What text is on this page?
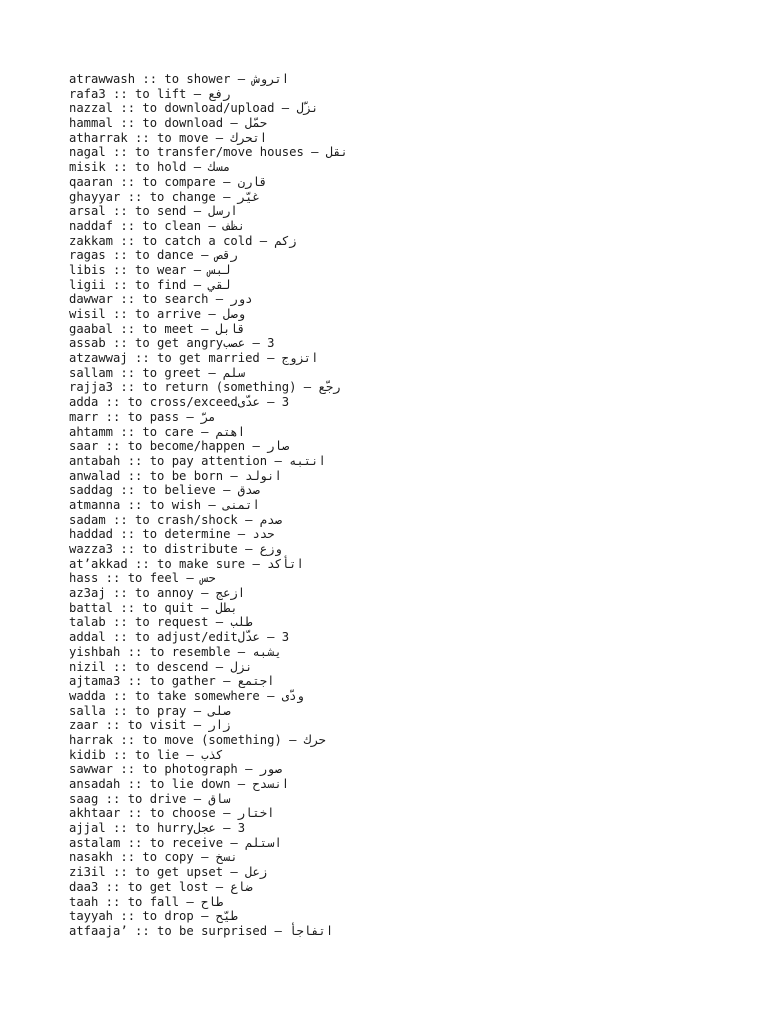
اتروش – atrawwash :: to shower
رفع – rafa3 :: to lift
نزّل – nazzal :: to download/upload
حمّل – hammal :: to download
اتحرك – atharrak :: to move
نقل – nagal :: to transfer/move houses
مسك – misik :: to hold
قارن – qaaran :: to compare
غيّر – ghayyar :: to change
ارسل – arsal :: to send
نظف – naddaf :: to clean
زكم – zakkam :: to catch a cold
رقص – ragas :: to dance
لبس – libis :: to wear
لقي – ligii :: to find
دور – dawwar :: to search
وصل – wisil :: to arrive
قابل – gaabal :: to meet
3 – عصبassab :: to get angry
اتزوج – atzawwaj :: to get married
سلم – sallam :: to greet
رجّع – rajja3 :: to return (something)
3 – عدّىadda :: to cross/exceed
مرّ – marr :: to pass
اهتم – ahtamm :: to care
صار – saar :: to become/happen
انتبه – antabah :: to pay attention
انولد – anwalad :: to be born
صدق – saddag :: to believe
اتمنى – atmanna :: to wish
صدم – sadam :: to crash/shock
حدد – haddad :: to determine
وزع – wazza3 :: to distribute
اتأكد – at’akkad :: to make sure
حس – hass :: to feel
ازعج – az3aj :: to annoy
بطل – battal :: to quit
طلب – talab :: to request
3 – عدّلaddal :: to adjust/edit
يشبه – yishbah :: to resemble
نزل – nizil :: to descend
اجتمع – ajtama3 :: to gather
ودّى – wadda :: to take somewhere
صلى – salla :: to pray
زار – zaar :: to visit
حرك – harrak :: to move (something)
كذب – kidib :: to lie
صور – sawwar :: to photograph
انسدح – ansadah :: to lie down
ساق – saag :: to drive
اختار – akhtaar :: to choose
3 – عجلajjal :: to hurry
استلم – astalam :: to receive
نسخ – nasakh :: to copy
زعل – zi3il :: to get upset
ضاع – daa3 :: to get lost
طاح – taah :: to fall
طيّح – tayyah :: to drop
اتفاجأ – atfaaja’ :: to be surprised
